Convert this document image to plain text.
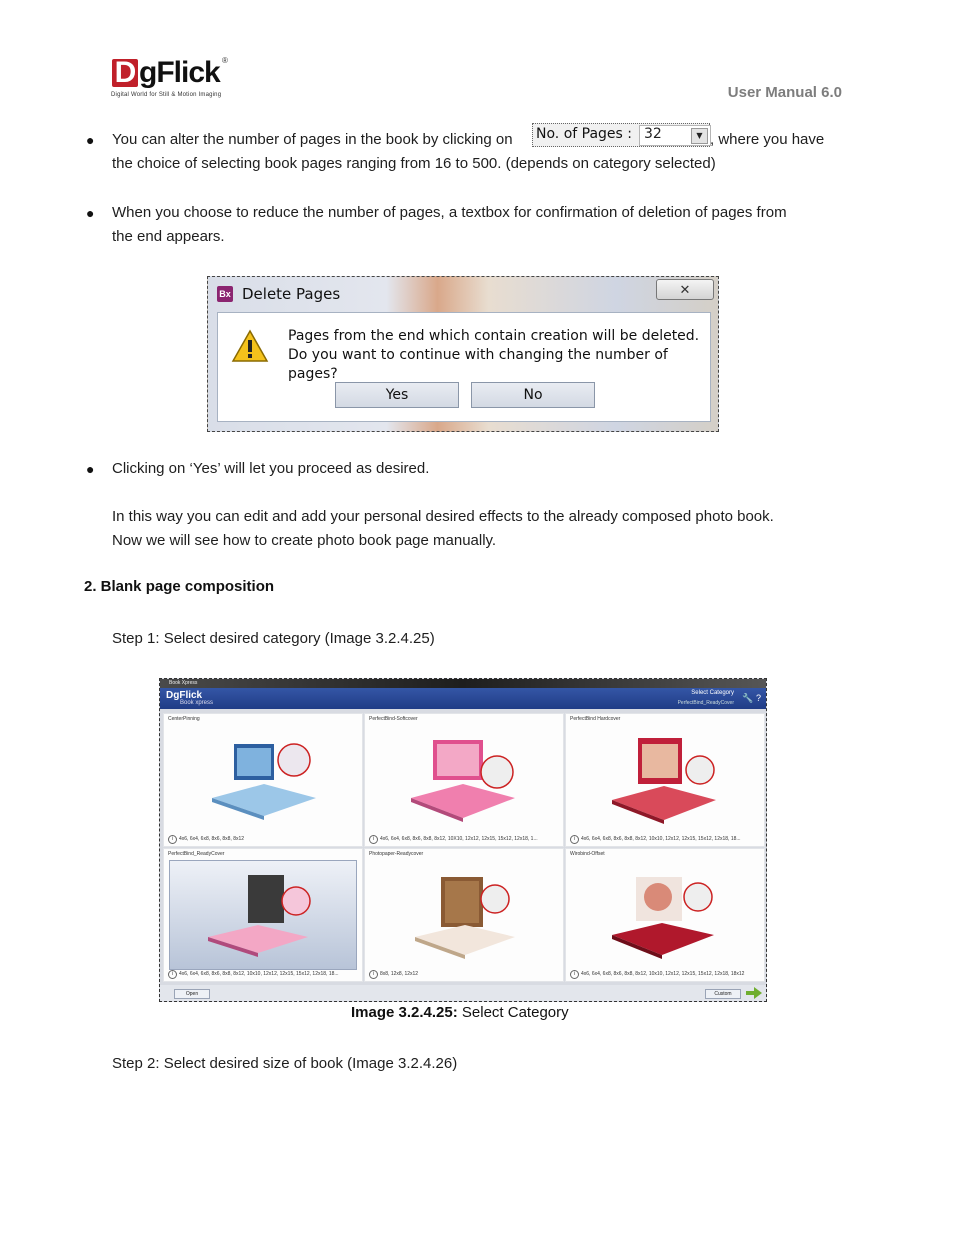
D gFlick ®
Digital World for Still & Motion Imaging	User Manual 6.0
● You can alter the number of pages in the book by clicking on No. of Pages : 32	▼ , where you have
the choice of selecting book pages ranging from 16 to 500. (depends on category selected)
● When you choose to reduce the number of pages, a textbox for confirmation of deletion of pages from
the end appears.
Bx Delete Pages	✕
Pages from the end which contain creation will be deleted.
Do you want to continue with changing the number of pages?
Yes	No
● Clicking on ‘Yes’ will let you proceed as desired.
In this way you can edit and add your personal desired effects to the already composed photo book.
Now we will see how to create photo book page manually.
2. Blank page composition
Step 1: Select desired category (Image 3.2.4.25)
Book Xpress
DgFlick
Book xpress
Select Category
PerfectBind_ReadyCover 🔧 ?
CenterPinning
i 4x6, 6x4, 6x8, 8x6, 8x8, 8x12
PerfectBind-Softcover
i 4x6, 6x4, 6x8, 8x6, 8x8, 8x12, 10X10, 12x12, 12x15, 15x12, 12x18, 1...
PerfectBind Hardcover
i 4x6, 6x4, 6x8, 8x6, 8x8, 8x12, 10x10, 12x12, 12x15, 15x12, 12x18, 18...
PerfectBind_ReadyCover
i 4x6, 6x4, 6x8, 8x6, 8x8, 8x12, 10x10, 12x12, 12x15, 15x12, 12x18, 18...
Photopaper-Readycover
i 8x8, 12x8, 12x12
Wirobind-Offset
i 4x6, 6x4, 6x8, 8x6, 8x8, 8x12, 10x10, 12x12, 12x15, 15x12, 12x18, 18x12
Open	Custom
Image 3.2.4.25: Select Category
Step 2: Select desired size of book (Image 3.2.4.26)
